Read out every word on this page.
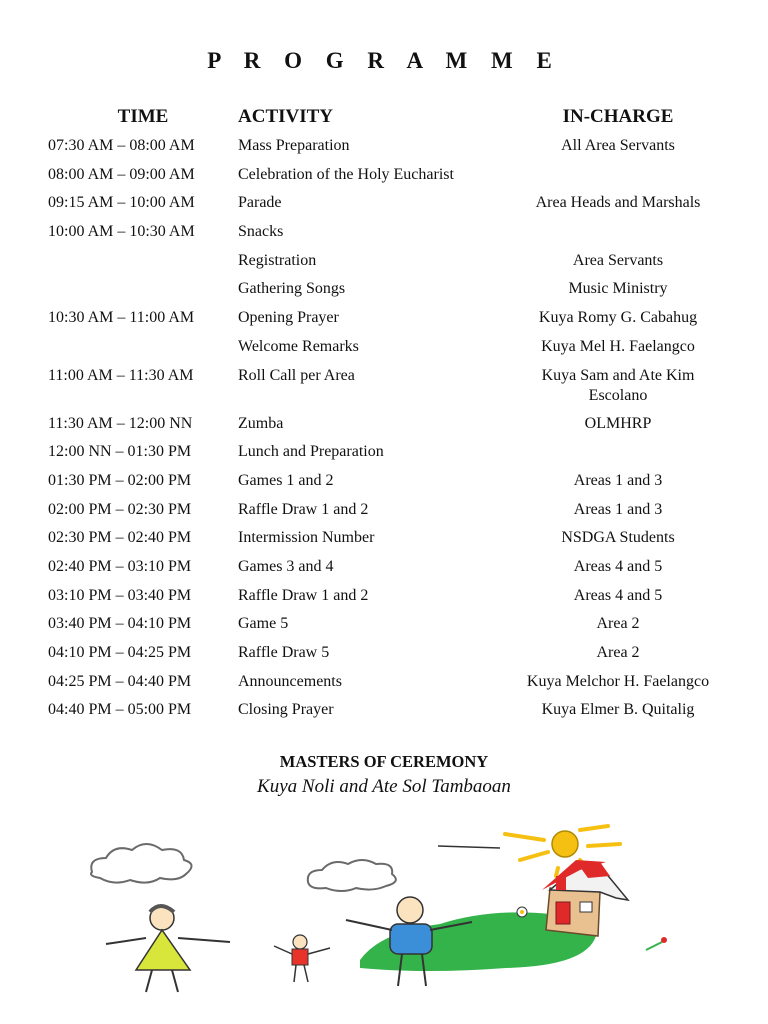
P R O G R A M M E
TIME	ACTIVITY	IN-CHARGE
07:30 AM – 08:00 AM	Mass Preparation	All Area Servants
08:00 AM – 09:00 AM	Celebration of the Holy Eucharist	
09:15 AM – 10:00 AM	Parade	Area Heads and Marshals
10:00 AM – 10:30 AM	Snacks	
	Registration	Area Servants
	Gathering Songs	Music Ministry
10:30 AM – 11:00 AM	Opening Prayer	Kuya Romy G. Cabahug
	Welcome Remarks	Kuya Mel H. Faelangco
11:00 AM – 11:30 AM	Roll Call per Area	Kuya Sam and Ate Kim
Escolano

11:30 AM – 12:00 NN	Zumba	OLMHRP
12:00 NN – 01:30 PM	Lunch and Preparation	
01:30 PM – 02:00 PM	Games 1 and 2	Areas 1 and 3
02:00 PM – 02:30 PM	Raffle Draw 1 and 2	Areas 1 and 3
02:30 PM – 02:40 PM	Intermission Number	NSDGA Students
02:40 PM – 03:10 PM	Games 3 and 4	Areas 4 and 5
03:10 PM – 03:40 PM	Raffle Draw 1 and 2	Areas 4 and 5
03:40 PM – 04:10 PM	Game 5	Area 2
04:10 PM – 04:25 PM	Raffle Draw 5	Area 2
04:25 PM – 04:40 PM	Announcements	Kuya Melchor H. Faelangco
04:40 PM – 05:00 PM	Closing Prayer	Kuya Elmer B. Quitalig
MASTERS OF CEREMONY
Kuya Noli and Ate Sol Tambaoan
